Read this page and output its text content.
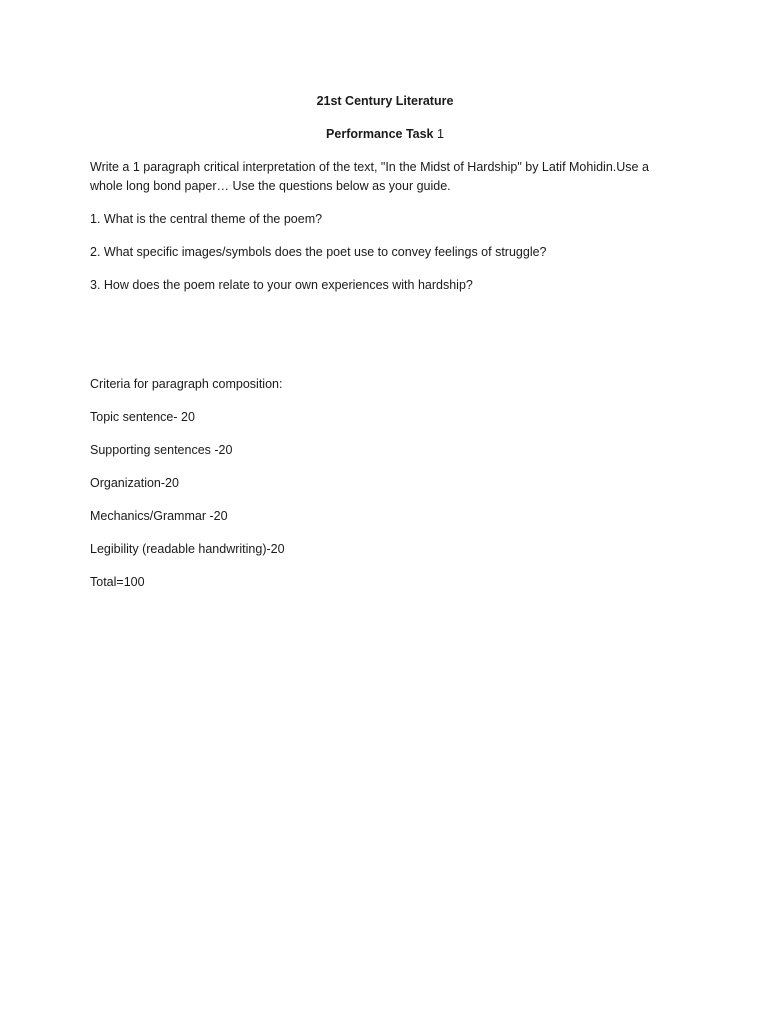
21st Century Literature

Performance Task 1

Write a 1 paragraph critical interpretation of the text, "In the Midst of Hardship" by Latif Mohidin.Use a whole long bond paper… Use the questions below as your guide.

1. What is the central theme of the poem?

2. What specific images/symbols does the poet use to convey feelings of struggle?

3. How does the poem relate to your own experiences with hardship?

Criteria for paragraph composition:

Topic sentence- 20

Supporting sentences -20

Organization-20

Mechanics/Grammar -20

Legibility (readable handwriting)-20

Total=100
